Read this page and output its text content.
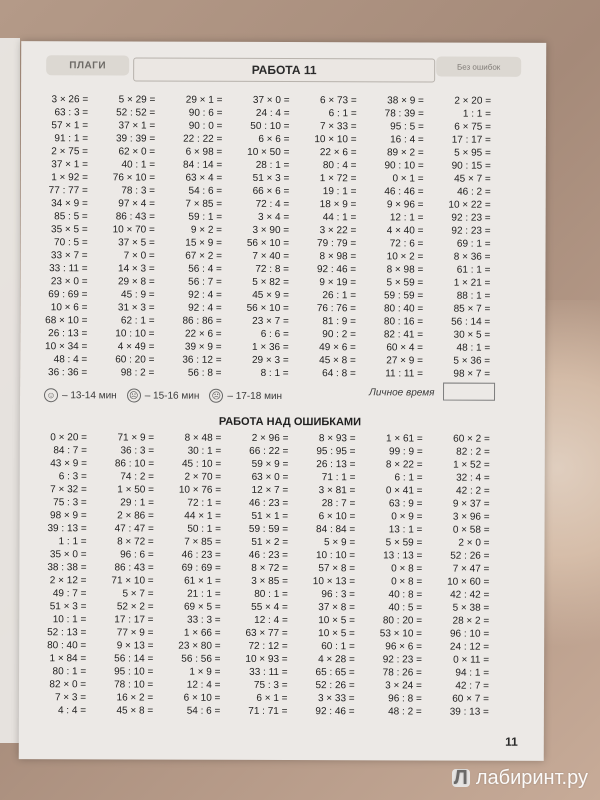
ПЛАГИ	РАБОТА 11	Без ошибок
3 × 26 =	5 × 29 =	29 × 1 =	37 × 0 =	6 × 73 =	38 × 9 =	2 × 20 =
63 : 3 =	52 : 52 =	90 : 6 =	24 : 4 =	6 : 1 =	78 : 39 =	1 : 1 =
57 × 1 =	37 × 1 =	90 : 0 =	50 : 10 =	7 × 33 =	95 : 5 =	6 × 75 =
91 : 1 =	39 : 39 =	22 : 22 =	6 × 6 =	10 × 10 =	16 : 4 =	17 : 17 =
2 × 75 =	62 × 0 =	6 × 98 =	10 × 50 =	22 × 6 =	89 × 2 =	5 × 95 =
37 × 1 =	40 : 1 =	84 : 14 =	28 : 1 =	80 : 4 =	90 : 10 =	90 : 15 =
1 × 92 =	76 × 10 =	63 × 4 =	51 × 3 =	1 × 72 =	0 × 1 =	45 × 7 =
77 : 77 =	78 : 3 =	54 : 6 =	66 × 6 =	19 : 1 =	46 : 46 =	46 : 2 =
34 × 9 =	97 × 4 =	7 × 85 =	72 : 4 =	18 × 9 =	9 × 96 =	10 × 22 =
85 : 5 =	86 : 43 =	59 : 1 =	3 × 4 =	44 : 1 =	12 : 1 =	92 : 23 =
35 × 5 =	10 × 70 =	9 × 2 =	3 × 90 =	3 × 22 =	4 × 40 =	92 : 23 =
70 : 5 =	37 × 5 =	15 × 9 =	56 × 10 =	79 : 79 =	72 : 6 =	69 : 1 =
33 × 7 =	7 × 0 =	67 × 2 =	7 × 40 =	8 × 98 =	10 × 2 =	8 × 36 =
33 : 11 =	14 × 3 =	56 : 4 =	72 : 8 =	92 : 46 =	8 × 98 =	61 : 1 =
23 × 0 =	29 × 8 =	56 : 7 =	5 × 82 =	9 × 19 =	5 × 59 =	1 × 21 =
69 : 69 =	45 : 9 =	92 : 4 =	45 × 9 =	26 : 1 =	59 : 59 =	88 : 1 =
10 × 6 =	31 × 3 =	92 : 4 =	56 × 10 =	76 : 76 =	80 : 40 =	85 × 7 =
68 × 10 =	62 : 1 =	86 : 86 =	23 × 7 =	81 : 9 =	80 : 16 =	56 : 14 =
26 : 13 =	10 : 10 =	22 × 6 =	6 : 6 =	90 : 2 =	82 : 41 =	30 × 5 =
10 × 34 =	4 × 49 =	39 × 9 =	1 × 36 =	49 × 6 =	60 × 4 =	48 : 1 =
48 : 4 =	60 : 20 =	36 : 12 =	29 × 3 =	45 × 8 =	27 × 9 =	5 × 36 =
36 : 36 =	98 : 2 =	56 : 8 =	8 : 1 =	64 : 8 =	11 : 11 =	98 × 7 =
☺ – 13-14 мин ☹ – 15-16 мин ☹ – 17-18 мин	Личное время
РАБОТА НАД ОШИБКАМИ
0 × 20 =	71 × 9 =	8 × 48 =	2 × 96 =	8 × 93 =	1 × 61 =	60 × 2 =
84 : 7 =	36 : 3 =	30 : 1 =	66 : 22 =	95 : 95 =	99 : 9 =	82 : 2 =
43 × 9 =	86 : 10 =	45 : 10 =	59 × 9 =	26 : 13 =	8 × 22 =	1 × 52 =
6 : 3 =	74 : 2 =	2 × 70 =	63 × 0 =	71 : 1 =	6 : 1 =	32 : 4 =
7 × 32 =	1 × 50 =	10 × 76 =	12 × 7 =	3 × 81 =	0 × 41 =	42 : 2 =
75 : 3 =	29 : 1 =	72 : 1 =	46 : 23 =	28 : 7 =	63 : 9 =	9 × 37 =
98 × 9 =	2 × 86 =	44 × 1 =	51 × 1 =	6 × 10 =	0 × 9 =	3 × 96 =
39 : 13 =	47 : 47 =	50 : 1 =	59 : 59 =	84 : 84 =	13 : 1 =	0 × 58 =
1 : 1 =	8 × 72 =	7 × 85 =	51 × 2 =	5 × 9 =	5 × 59 =	2 × 0 =
35 × 0 =	96 : 6 =	46 : 23 =	46 : 23 =	10 : 10 =	13 : 13 =	52 : 26 =
38 : 38 =	86 : 43 =	69 : 69 =	8 × 72 =	57 × 8 =	0 × 8 =	7 × 47 =
2 × 12 =	71 × 10 =	61 × 1 =	3 × 85 =	10 × 13 =	0 × 8 =	10 × 60 =
49 : 7 =	5 × 7 =	21 : 1 =	80 : 1 =	96 : 3 =	40 : 8 =	42 : 42 =
51 × 3 =	52 × 2 =	69 × 5 =	55 × 4 =	37 × 8 =	40 : 5 =	5 × 38 =
10 : 1 =	17 : 17 =	33 : 3 =	12 : 4 =	10 × 5 =	80 : 20 =	28 × 2 =
52 : 13 =	77 × 9 =	1 × 66 =	63 × 77 =	10 × 5 =	53 × 10 =	96 : 10 =
80 : 40 =	9 × 13 =	23 × 80 =	72 : 12 =	60 : 1 =	96 × 6 =	24 : 12 =
1 × 84 =	56 : 14 =	56 : 56 =	10 × 93 =	4 × 28 =	92 : 23 =	0 × 11 =
80 : 1 =	95 : 10 =	1 × 9 =	33 : 11 =	65 : 65 =	78 : 26 =	94 : 1 =
82 × 0 =	78 : 10 =	12 : 4 =	75 : 3 =	52 : 26 =	3 × 24 =	42 : 7 =
7 × 3 =	16 × 2 =	6 × 10 =	6 × 1 =	3 × 33 =	96 : 8 =	60 × 7 =
4 : 4 =	45 × 8 =	54 : 6 =	71 : 71 =	92 : 46 =	48 : 2 =	39 : 13 =
11
Л лабиринт.ру
